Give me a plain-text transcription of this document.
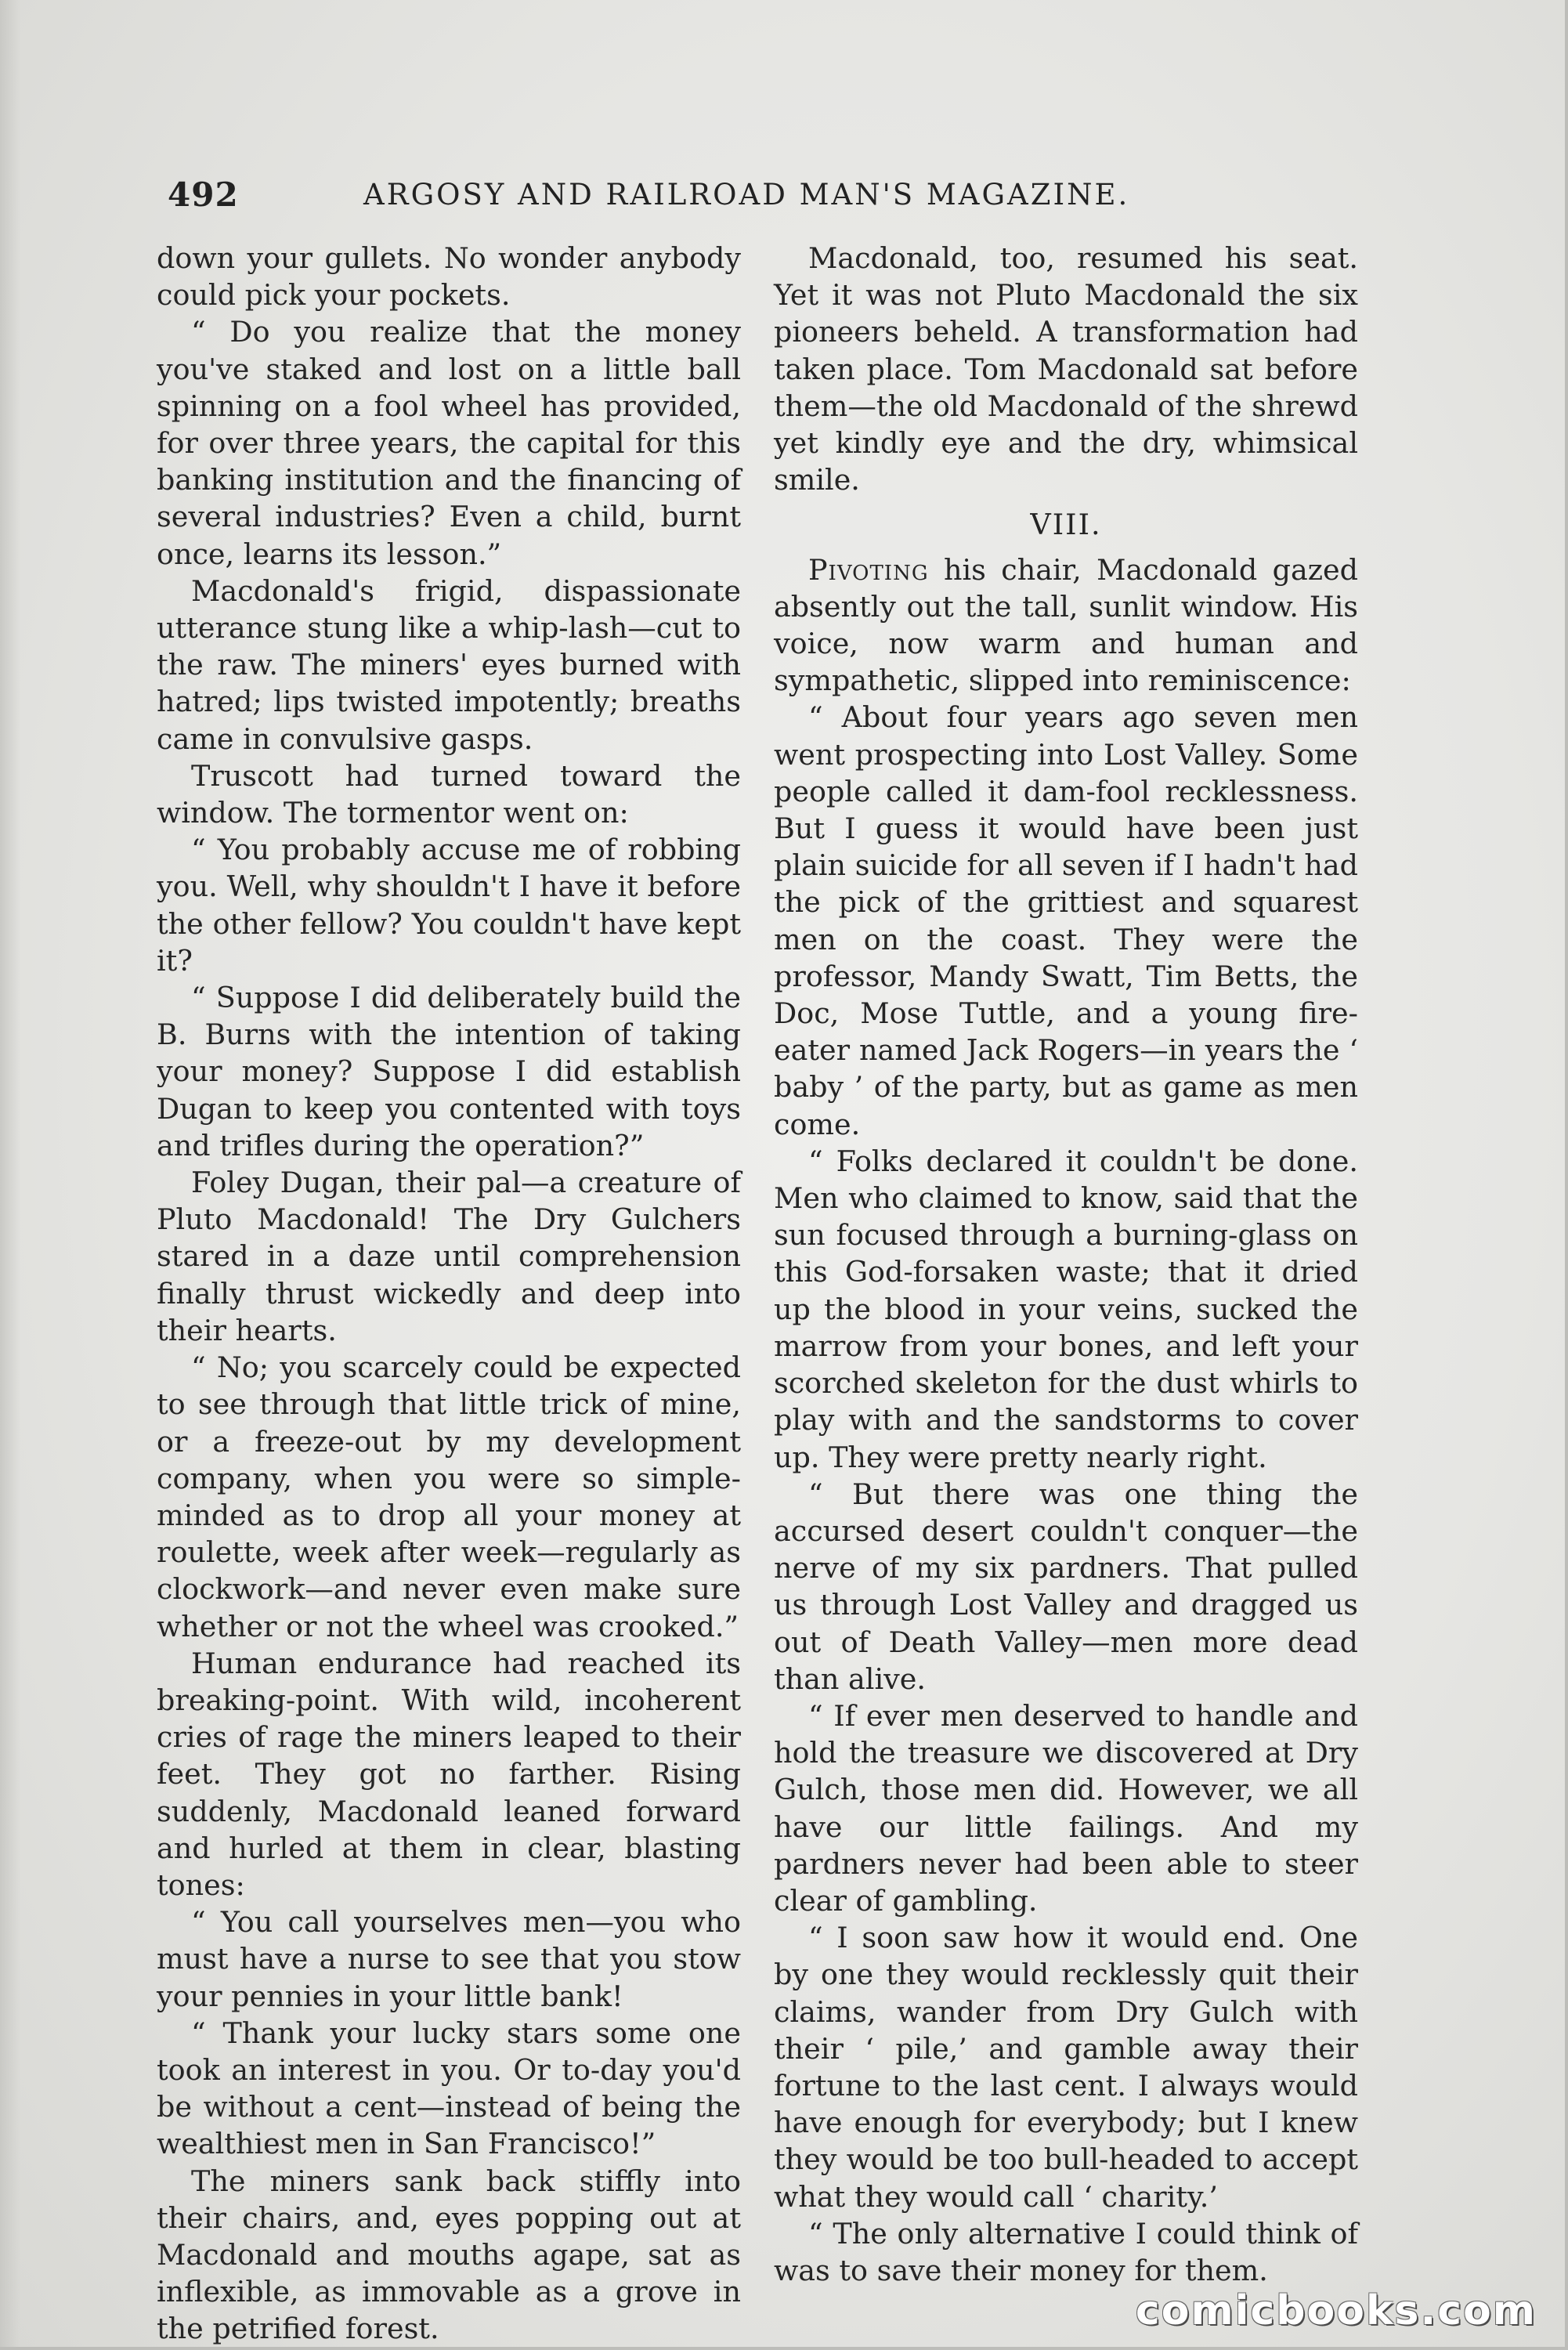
492	ARGOSY AND RAILROAD MAN'S MAGAZINE.

down your gullets. No wonder anybody could pick your pockets.

“ Do you realize that the money you've staked and lost on a little ball spinning on a fool wheel has provided, for over three years, the capital for this banking institution and the financing of several industries? Even a child, burnt once, learns its lesson.”

Macdonald's frigid, dispassionate utterance stung like a whip-lash—cut to the raw. The miners' eyes burned with hatred; lips twisted impotently; breaths came in convulsive gasps.

Truscott had turned toward the window. The tormentor went on:

“ You probably accuse me of robbing you. Well, why shouldn't I have it before the other fellow? You couldn't have kept it?

“ Suppose I did deliberately build the B. Burns with the intention of taking your money? Suppose I did establish Dugan to keep you contented with toys and trifles during the operation?”

Foley Dugan, their pal—a creature of Pluto Macdonald! The Dry Gulchers stared in a daze until comprehension finally thrust wickedly and deep into their hearts.

“ No; you scarcely could be expected to see through that little trick of mine, or a freeze-out by my development company, when you were so simple-minded as to drop all your money at roulette, week after week—regularly as clockwork—and never even make sure whether or not the wheel was crooked.”

Human endurance had reached its breaking-point. With wild, incoherent cries of rage the miners leaped to their feet. They got no farther. Rising suddenly, Macdonald leaned forward and hurled at them in clear, blasting tones:

“ You call yourselves men—you who must have a nurse to see that you stow your pennies in your little bank!

“ Thank your lucky stars some one took an interest in you. Or to-day you'd be without a cent—instead of being the wealthiest men in San Francisco!”

The miners sank back stiffly into their chairs, and, eyes popping out at Macdonald and mouths agape, sat as inflexible, as immovable as a grove in the petrified forest.

Macdonald, too, resumed his seat. Yet it was not Pluto Macdonald the six pioneers beheld. A transformation had taken place. Tom Macdonald sat before them—the old Macdonald of the shrewd yet kindly eye and the dry, whimsical smile.

VIII.

Pivoting his chair, Macdonald gazed absently out the tall, sunlit window. His voice, now warm and human and sympathetic, slipped into reminiscence:

“ About four years ago seven men went prospecting into Lost Valley. Some people called it dam-fool recklessness. But I guess it would have been just plain suicide for all seven if I hadn't had the pick of the grittiest and squarest men on the coast. They were the professor, Mandy Swatt, Tim Betts, the Doc, Mose Tuttle, and a young fire-eater named Jack Rogers—in years the ‘ baby ’ of the party, but as game as men come.

“ Folks declared it couldn't be done. Men who claimed to know, said that the sun focused through a burning-glass on this God-forsaken waste; that it dried up the blood in your veins, sucked the marrow from your bones, and left your scorched skeleton for the dust whirls to play with and the sandstorms to cover up. They were pretty nearly right.

“ But there was one thing the accursed desert couldn't conquer—the nerve of my six pardners. That pulled us through Lost Valley and dragged us out of Death Valley—men more dead than alive.

“ If ever men deserved to handle and hold the treasure we discovered at Dry Gulch, those men did. However, we all have our little failings. And my pardners never had been able to steer clear of gambling.

“ I soon saw how it would end. One by one they would recklessly quit their claims, wander from Dry Gulch with their ‘ pile,’ and gamble away their fortune to the last cent. I always would have enough for everybody; but I knew they would be too bull-headed to accept what they would call ‘ charity.’

“ The only alternative I could think of was to save their money for them.

comicbooks.com
